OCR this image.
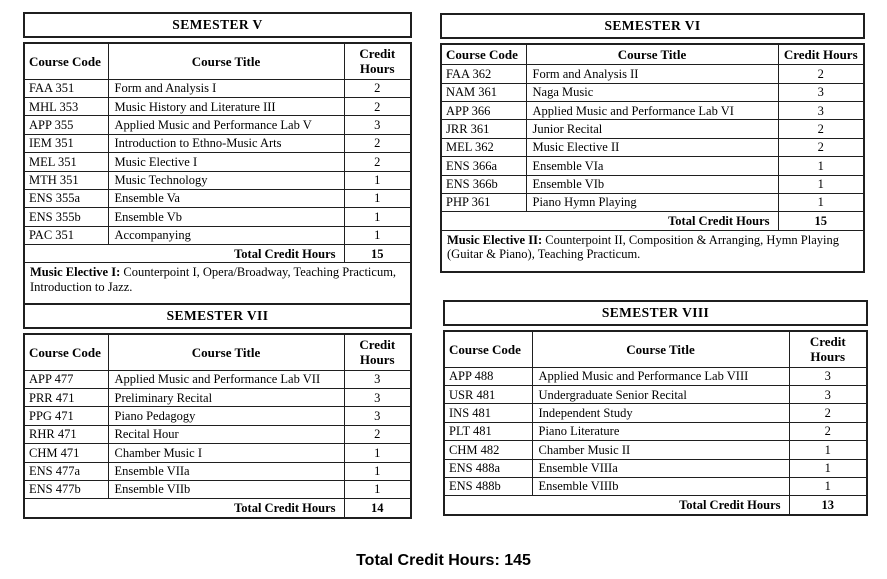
SEMESTER V
Course Code	Course Title	Credit Hours
FAA 351	Form and Analysis I	2
MHL 353	Music History and Literature III	2
APP 355	Applied Music and Performance Lab V	3
IEM 351	Introduction to Ethno-Music Arts	2
MEL 351	Music Elective I	2
MTH 351	Music Technology	1
ENS 355a	Ensemble Va	1
ENS 355b	Ensemble Vb	1
PAC 351	Accompanying	1
Total Credit Hours		15
Music Elective I: Counterpoint I, Opera/Broadway, Teaching Practicum, Introduction to Jazz.		
SEMESTER VI
Course Code	Course Title	Credit Hours
FAA 362	Form and Analysis II	2
NAM 361	Naga Music	3
APP 366	Applied Music and Performance Lab VI	3
JRR 361	Junior Recital	2
MEL 362	Music Elective II	2
ENS 366a	Ensemble VIa	1
ENS 366b	Ensemble VIb	1
PHP 361	Piano Hymn Playing	1
Total Credit Hours		15
Music Elective II: Counterpoint II, Composition & Arranging, Hymn Playing (Guitar & Piano), Teaching Practicum.		
SEMESTER VII
Course Code	Course Title	Credit Hours
APP 477	Applied Music and Performance Lab VII	3
PRR 471	Preliminary Recital	3
PPG 471	Piano Pedagogy	3
RHR 471	Recital Hour	2
CHM 471	Chamber Music I	1
ENS 477a	Ensemble VIIa	1
ENS 477b	Ensemble VIIb	1
Total Credit Hours		14
SEMESTER VIII
Course Code	Course Title	Credit Hours
APP 488	Applied Music and Performance Lab VIII	3
USR 481	Undergraduate Senior Recital	3
INS 481	Independent Study	2
PLT 481	Piano Literature	2
CHM 482	Chamber Music II	1
ENS 488a	Ensemble VIIIa	1
ENS 488b	Ensemble VIIIb	1
Total Credit Hours		13
Total Credit Hours: 145
